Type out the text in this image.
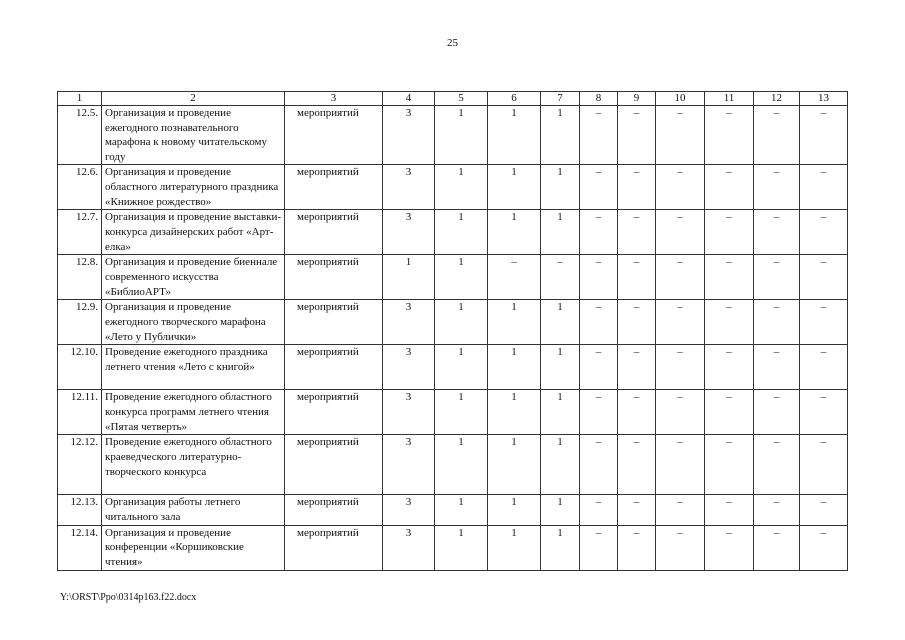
25
1	2	3	4	5	6	7	8	9	10	11	12	13
12.5.	Организация и проведение ежегодного познавательного марафона к новому читательскому году	мероприятий	3	1	1	1	–	–	–	–	–	–
12.6.	Организация и проведение областного литературного праздника «Книжное рождество»	мероприятий	3	1	1	1	–	–	–	–	–	–
12.7.	Организация и проведение выставки-конкурса дизайнерских работ «Арт-елка»	мероприятий	3	1	1	1	–	–	–	–	–	–
12.8.	Организация и проведение биеннале современного искусства «БиблиоАРТ»	мероприятий	1	1	–	–	–	–	–	–	–	–
12.9.	Организация и проведение ежегодного творческого марафона «Лето у Публички»	мероприятий	3	1	1	1	–	–	–	–	–	–
12.10.	Проведение ежегодного праздника летнего чтения «Лето с книгой»	мероприятий	3	1	1	1	–	–	–	–	–	–
12.11.	Проведение ежегодного областного конкурса программ летнего чтения «Пятая четверть»	мероприятий	3	1	1	1	–	–	–	–	–	–
12.12.	Проведение ежегодного областного краеведческого литературно-творческого конкурса	мероприятий	3	1	1	1	–	–	–	–	–	–
12.13.	Организация работы летнего читального зала	мероприятий	3	1	1	1	–	–	–	–	–	–
12.14.	Организация и проведение конференции «Коршиковские чтения»	мероприятий	3	1	1	1	–	–	–	–	–	–
Y:\ORST\Ppo\0314p163.f22.docx
